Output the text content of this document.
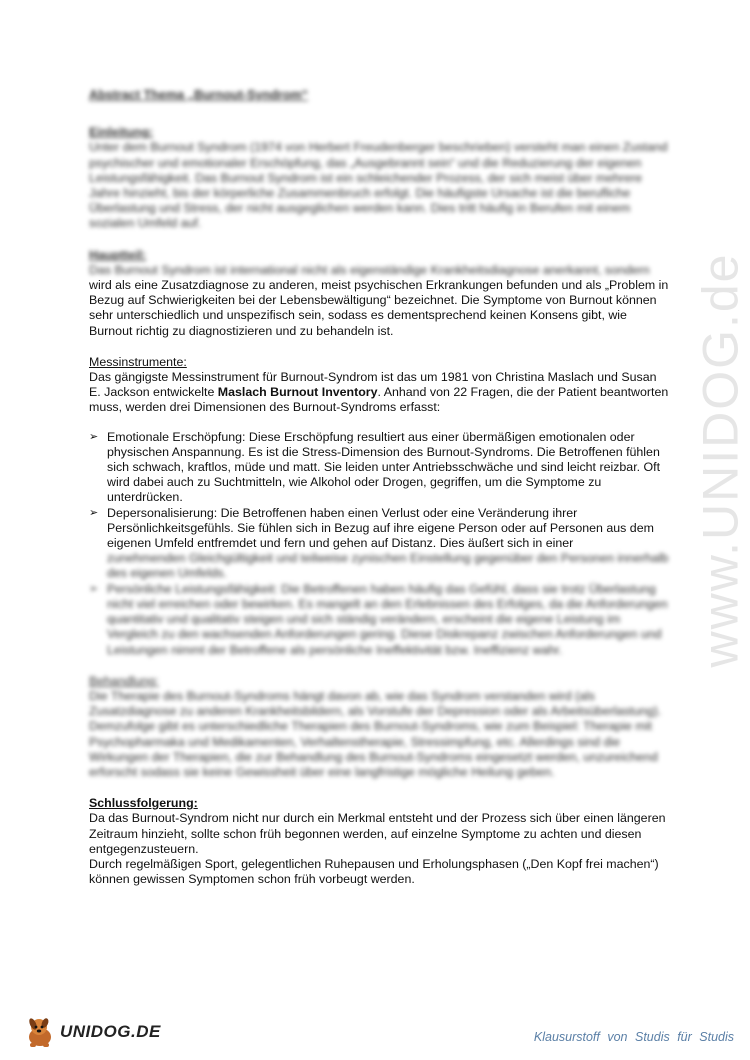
www.UNIDOG.de
Abstract Thema „Burnout-Syndrom“

Einleitung:

Unter dem Burnout Syndrom (1974 von Herbert Freudenberger beschrieben) versteht man einen Zustand psychischer und emotionaler Erschöpfung, das „Ausgebrannt sein“ und die Reduzierung der eigenen Leistungsfähigkeit. Das Burnout Syndrom ist ein schleichender Prozess, der sich meist über mehrere Jahre hinzieht, bis der körperliche Zusammenbruch erfolgt. Die häufigste Ursache ist die berufliche Überlastung und Stress, der nicht ausgeglichen werden kann. Dies tritt häufig in Berufen mit einem sozialen Umfeld auf.

Hauptteil:

Das Burnout Syndrom ist international nicht als eigenständige Krankheitsdiagnose anerkannt, sondern

wird als eine Zusatzdiagnose zu anderen, meist psychischen Erkrankungen befunden und als „Problem in Bezug auf Schwierigkeiten bei der Lebensbewältigung“ bezeichnet. Die Symptome von Burnout können sehr unterschiedlich und unspezifisch sein, sodass es dementsprechend keinen Konsens gibt, wie Burnout richtig zu diagnostizieren und zu behandeln ist.

Messinstrumente:

Das gängigste Messinstrument für Burnout-Syndrom ist das um 1981 von Christina Maslach und Susan E. Jackson entwickelte Maslach Burnout Inventory. Anhand von 22 Fragen, die der Patient beantworten muss, werden drei Dimensionen des Burnout-Syndroms erfasst:

➢ Emotionale Erschöpfung: Diese Erschöpfung resultiert aus einer übermäßigen emotionalen oder physischen Anspannung. Es ist die Stress-Dimension des Burnout-Syndroms. Die Betroffenen fühlen sich schwach, kraftlos, müde und matt. Sie leiden unter Antriebsschwäche und sind leicht reizbar. Oft wird dabei auch zu Suchtmitteln, wie Alkohol oder Drogen, gegriffen, um die Symptome zu unterdrücken.
➢ Depersonalisierung: Die Betroffenen haben einen Verlust oder eine Veränderung ihrer Persönlichkeitsgefühls. Sie fühlen sich in Bezug auf ihre eigene Person oder auf Personen aus dem eigenen Umfeld entfremdet und fern und gehen auf Distanz. Dies äußert sich in einer
zunehmenden Gleichgültigkeit und teilweise zynischen Einstellung gegenüber den Personen innerhalb des eigenen Umfelds.
➢ Persönliche Leistungsfähigkeit: Die Betroffenen haben häufig das Gefühl, dass sie trotz Überlastung nicht viel erreichen oder bewirken. Es mangelt an den Erlebnissen des Erfolges, da die Anforderungen quantitativ und qualitativ steigen und sich ständig verändern, erscheint die eigene Leistung im Vergleich zu den wachsenden Anforderungen gering. Diese Diskrepanz zwischen Anforderungen und Leistungen nimmt der Betroffene als persönliche Ineffektivität bzw. Ineffizienz wahr.

Behandlung:

Die Therapie des Burnout-Syndroms hängt davon ab, wie das Syndrom verstanden wird (als Zusatzdiagnose zu anderen Krankheitsbildern, als Vorstufe der Depression oder als Arbeitsüberlastung). Demzufolge gibt es unterschiedliche Therapien des Burnout-Syndroms, wie zum Beispiel: Therapie mit Psychopharmaka und Medikamenten, Verhaltenstherapie, Stressimpfung, etc. Allerdings sind die Wirkungen der Therapien, die zur Behandlung des Burnout-Syndroms eingesetzt werden, unzureichend erforscht sodass sie keine Gewissheit über eine langfristige mögliche Heilung geben.

Schlussfolgerung:

Da das Burnout-Syndrom nicht nur durch ein Merkmal entsteht und der Prozess sich über einen längeren Zeitraum hinzieht, sollte schon früh begonnen werden, auf einzelne Symptome zu achten und diesen entgegenzusteuern.

Durch regelmäßigen Sport, gelegentlichen Ruhepausen und Erholungsphasen („Den Kopf frei machen“) können gewissen Symptomen schon früh vorbeugt werden.

UNIDOG.DE	Klausurstoff von Studis für Studis
